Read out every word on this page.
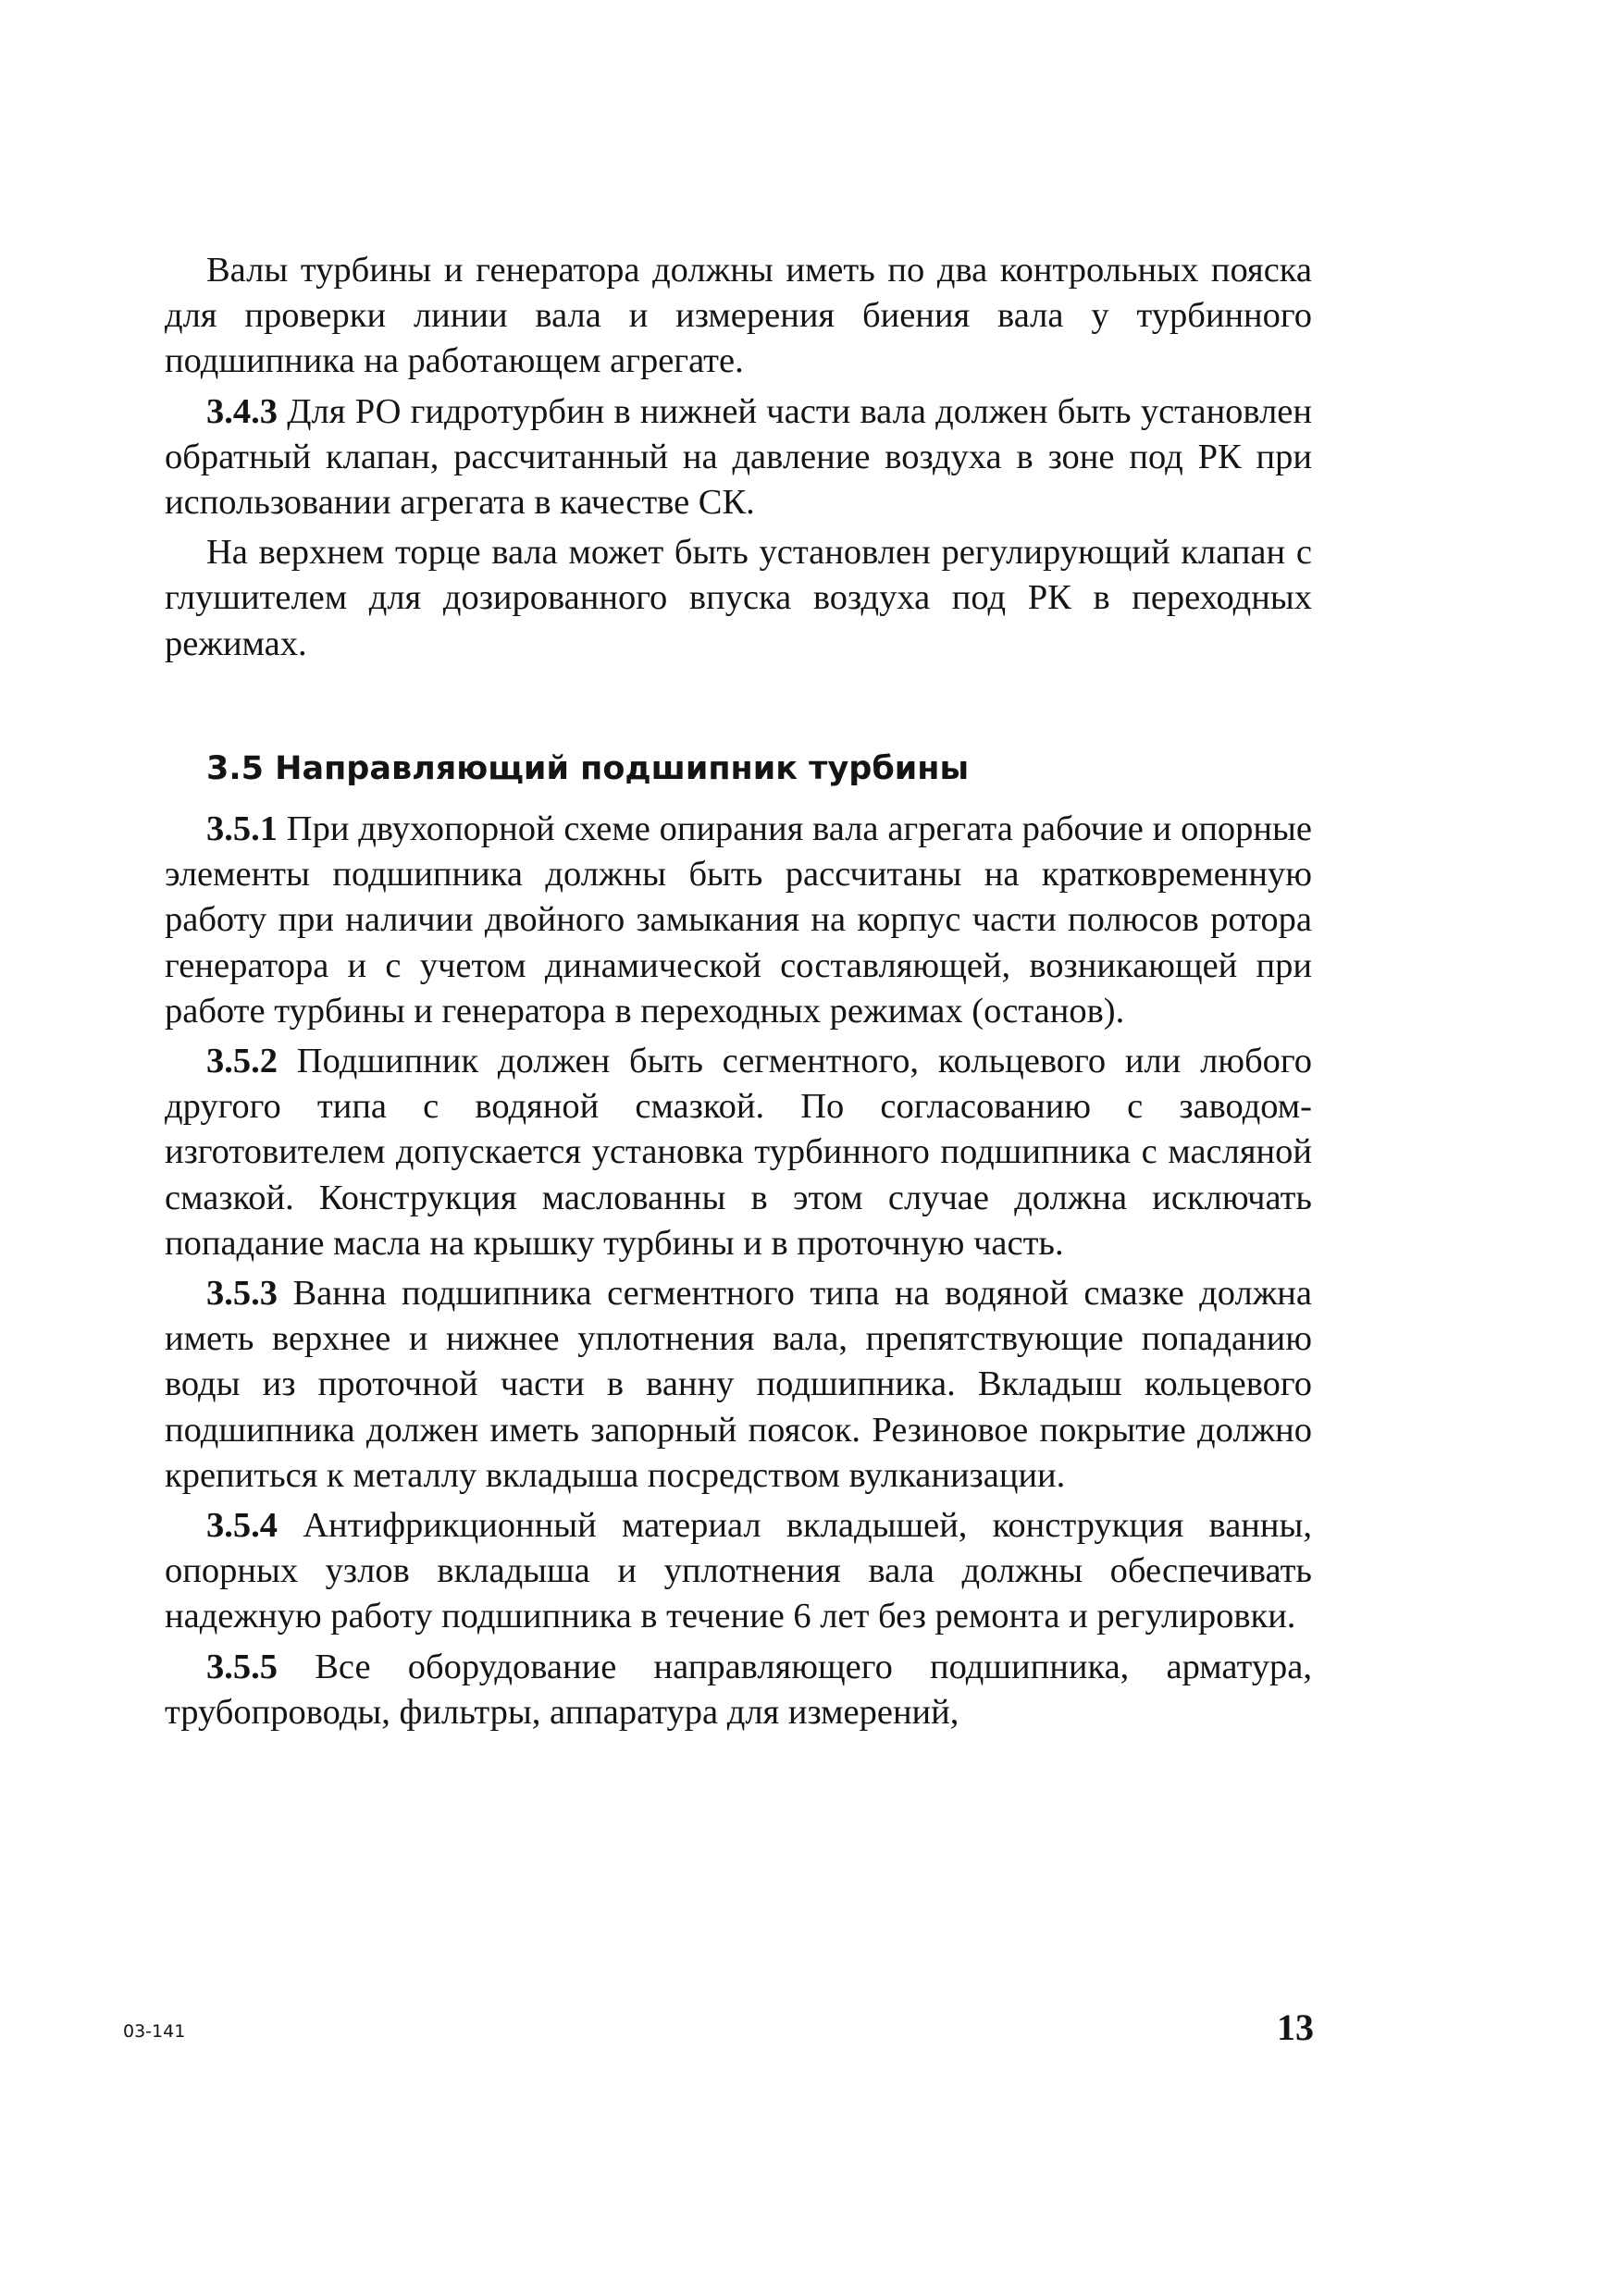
Валы турбины и генератора должны иметь по два контрольных пояска для проверки линии вала и измерения биения вала у турбинного подшипника на работающем агрегате.

3.4.3 Для РО гидротурбин в нижней части вала должен быть установлен обратный клапан, рассчитанный на давление воздуха в зоне под РК при использовании агрегата в качестве СК.

На верхнем торце вала может быть установлен регулирующий клапан с глушителем для дозированного впуска воздуха под РК в переходных режимах.

3.5 Направляющий подшипник турбины

3.5.1 При двухопорной схеме опирания вала агрегата рабочие и опорные элементы подшипника должны быть рассчитаны на кратковременную работу при наличии двойного замыкания на корпус части полюсов ротора генератора и с учетом динамической составляющей, возникающей при работе турбины и генератора в переходных режимах (останов).

3.5.2 Подшипник должен быть сегментного, кольцевого или любого другого типа с водяной смазкой. По согласованию с заводом-изготовителем допускается установка турбинного подшипника с масляной смазкой. Конструкция маслованны в этом случае должна исключать попадание масла на крышку турбины и в проточную часть.

3.5.3 Ванна подшипника сегментного типа на водяной смазке должна иметь верхнее и нижнее уплотнения вала, препятствующие попаданию воды из проточной части в ванну подшипника. Вкладыш кольцевого подшипника должен иметь запорный поясок. Резиновое покрытие должно крепиться к металлу вкладыша посредством вулканизации.

3.5.4 Антифрикционный материал вкладышей, конструкция ванны, опорных узлов вкладыша и уплотнения вала должны обеспечивать надежную работу подшипника в течение 6 лет без ремонта и регулировки.

3.5.5 Все оборудование направляющего подшипника, арматура, трубопроводы, фильтры, аппаратура для измерений,

03-141	13
